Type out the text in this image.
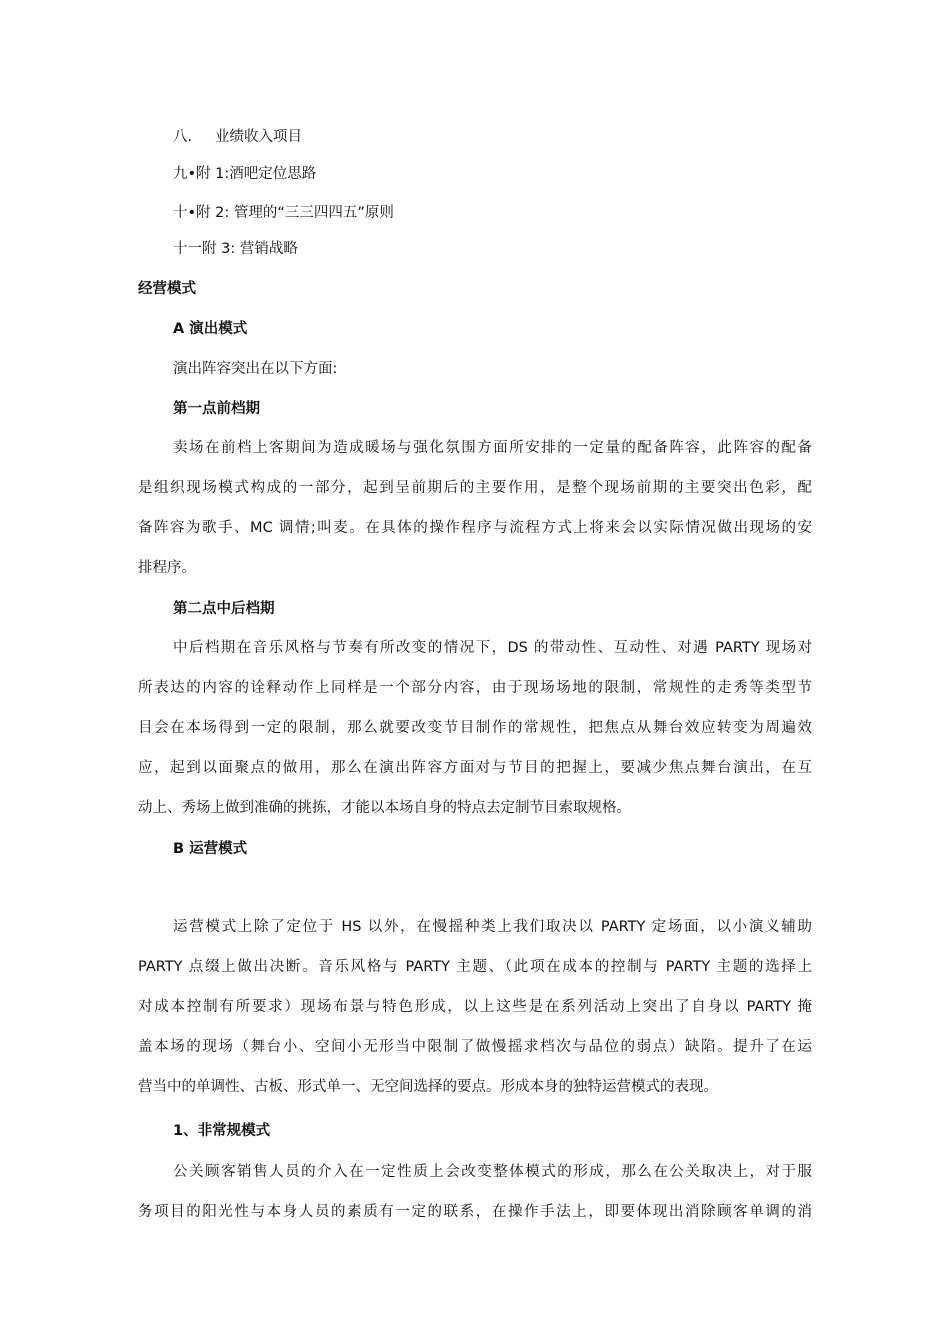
八. 业绩收入项目
九•附 1:酒吧定位思路
十•附 2: 管理的“三三四四五”原则
十一附 3: 营销战略
经营模式
A 演出模式
演出阵容突出在以下方面:
第一点前档期
卖场在前档上客期间为造成暖场与强化氛围方面所安排的一定量的配备阵容，此阵容的配备
是组织现场模式构成的一部分，起到呈前期后的主要作用，是整个现场前期的主要突出色彩，配
备阵容为歌手、MC 调情;叫麦。在具体的操作程序与流程方式上将来会以实际情况做出现场的安
排程序。
第二点中后档期
中后档期在音乐风格与节奏有所改变的情况下，DS 的带动性、互动性、对遇 PARTY 现场对
所表达的内容的诠释动作上同样是一个部分内容，由于现场场地的限制，常规性的走秀等类型节
目会在本场得到一定的限制，那么就要改变节目制作的常规性，把焦点从舞台效应转变为周遍效
应，起到以面聚点的做用，那么在演出阵容方面对与节目的把握上，要减少焦点舞台演出，在互
动上、秀场上做到准确的挑拣，才能以本场自身的特点去定制节目索取规格。
B 运营模式
运营模式上除了定位于 HS 以外，在慢摇种类上我们取决以 PARTY 定场面，以小演义辅助
PARTY 点缀上做出决断。音乐风格与 PARTY 主题、（此项在成本的控制与 PARTY 主题的选择上
对成本控制有所要求）现场布景与特色形成，以上这些是在系列活动上突出了自身以 PARTY 掩
盖本场的现场（舞台小、空间小无形当中限制了做慢摇求档次与品位的弱点）缺陷。提升了在运
营当中的单调性、古板、形式单一、无空间选择的要点。形成本身的独特运营模式的表现。
1、非常规模式
公关顾客销售人员的介入在一定性质上会改变整体模式的形成，那么在公关取决上，对于服
务项目的阳光性与本身人员的素质有一定的联系，在操作手法上，即要体现出消除顾客单调的消
